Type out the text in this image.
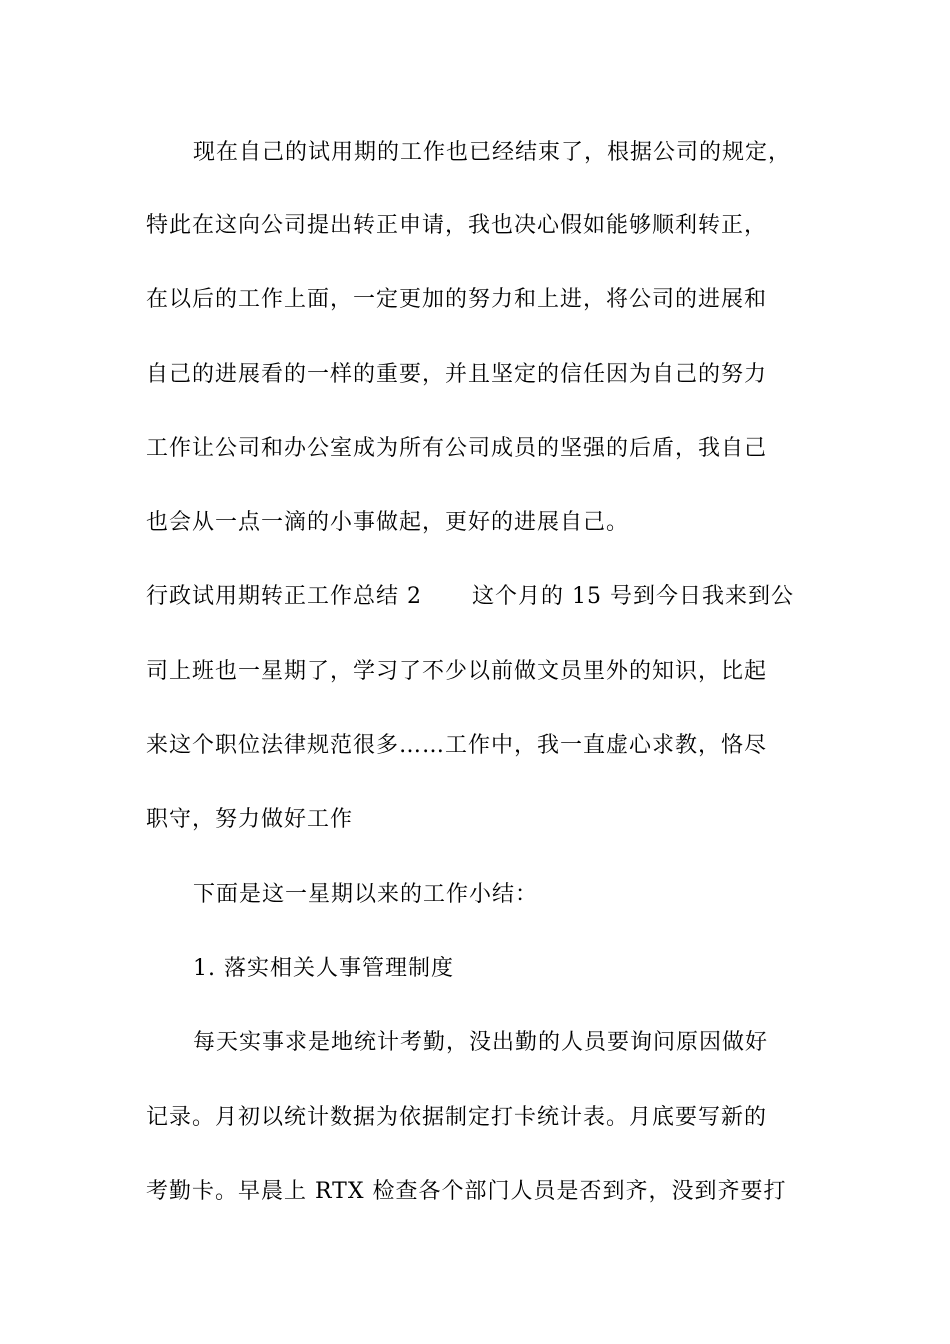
现在自己的试用期的工作也已经结束了，根据公司的规定，
特此在这向公司提出转正申请，我也决心假如能够顺利转正，
在以后的工作上面，一定更加的努力和上进，将公司的进展和
自己的进展看的一样的重要，并且坚定的信任因为自己的努力
工作让公司和办公室成为所有公司成员的坚强的后盾，我自己
也会从一点一滴的小事做起，更好的进展自己。
行政试用期转正工作总结 2 这个月的 15 号到今日我来到公
司上班也一星期了，学习了不少以前做文员里外的知识，比起
来这个职位法律规范很多……工作中，我一直虚心求教，恪尽
职守，努力做好工作
下面是这一星期以来的工作小结：
1. 落实相关人事管理制度
每天实事求是地统计考勤，没出勤的人员要询问原因做好
记录。月初以统计数据为依据制定打卡统计表。月底要写新的
考勤卡。早晨上 RTX 检查各个部门人员是否到齐，没到齐要打
